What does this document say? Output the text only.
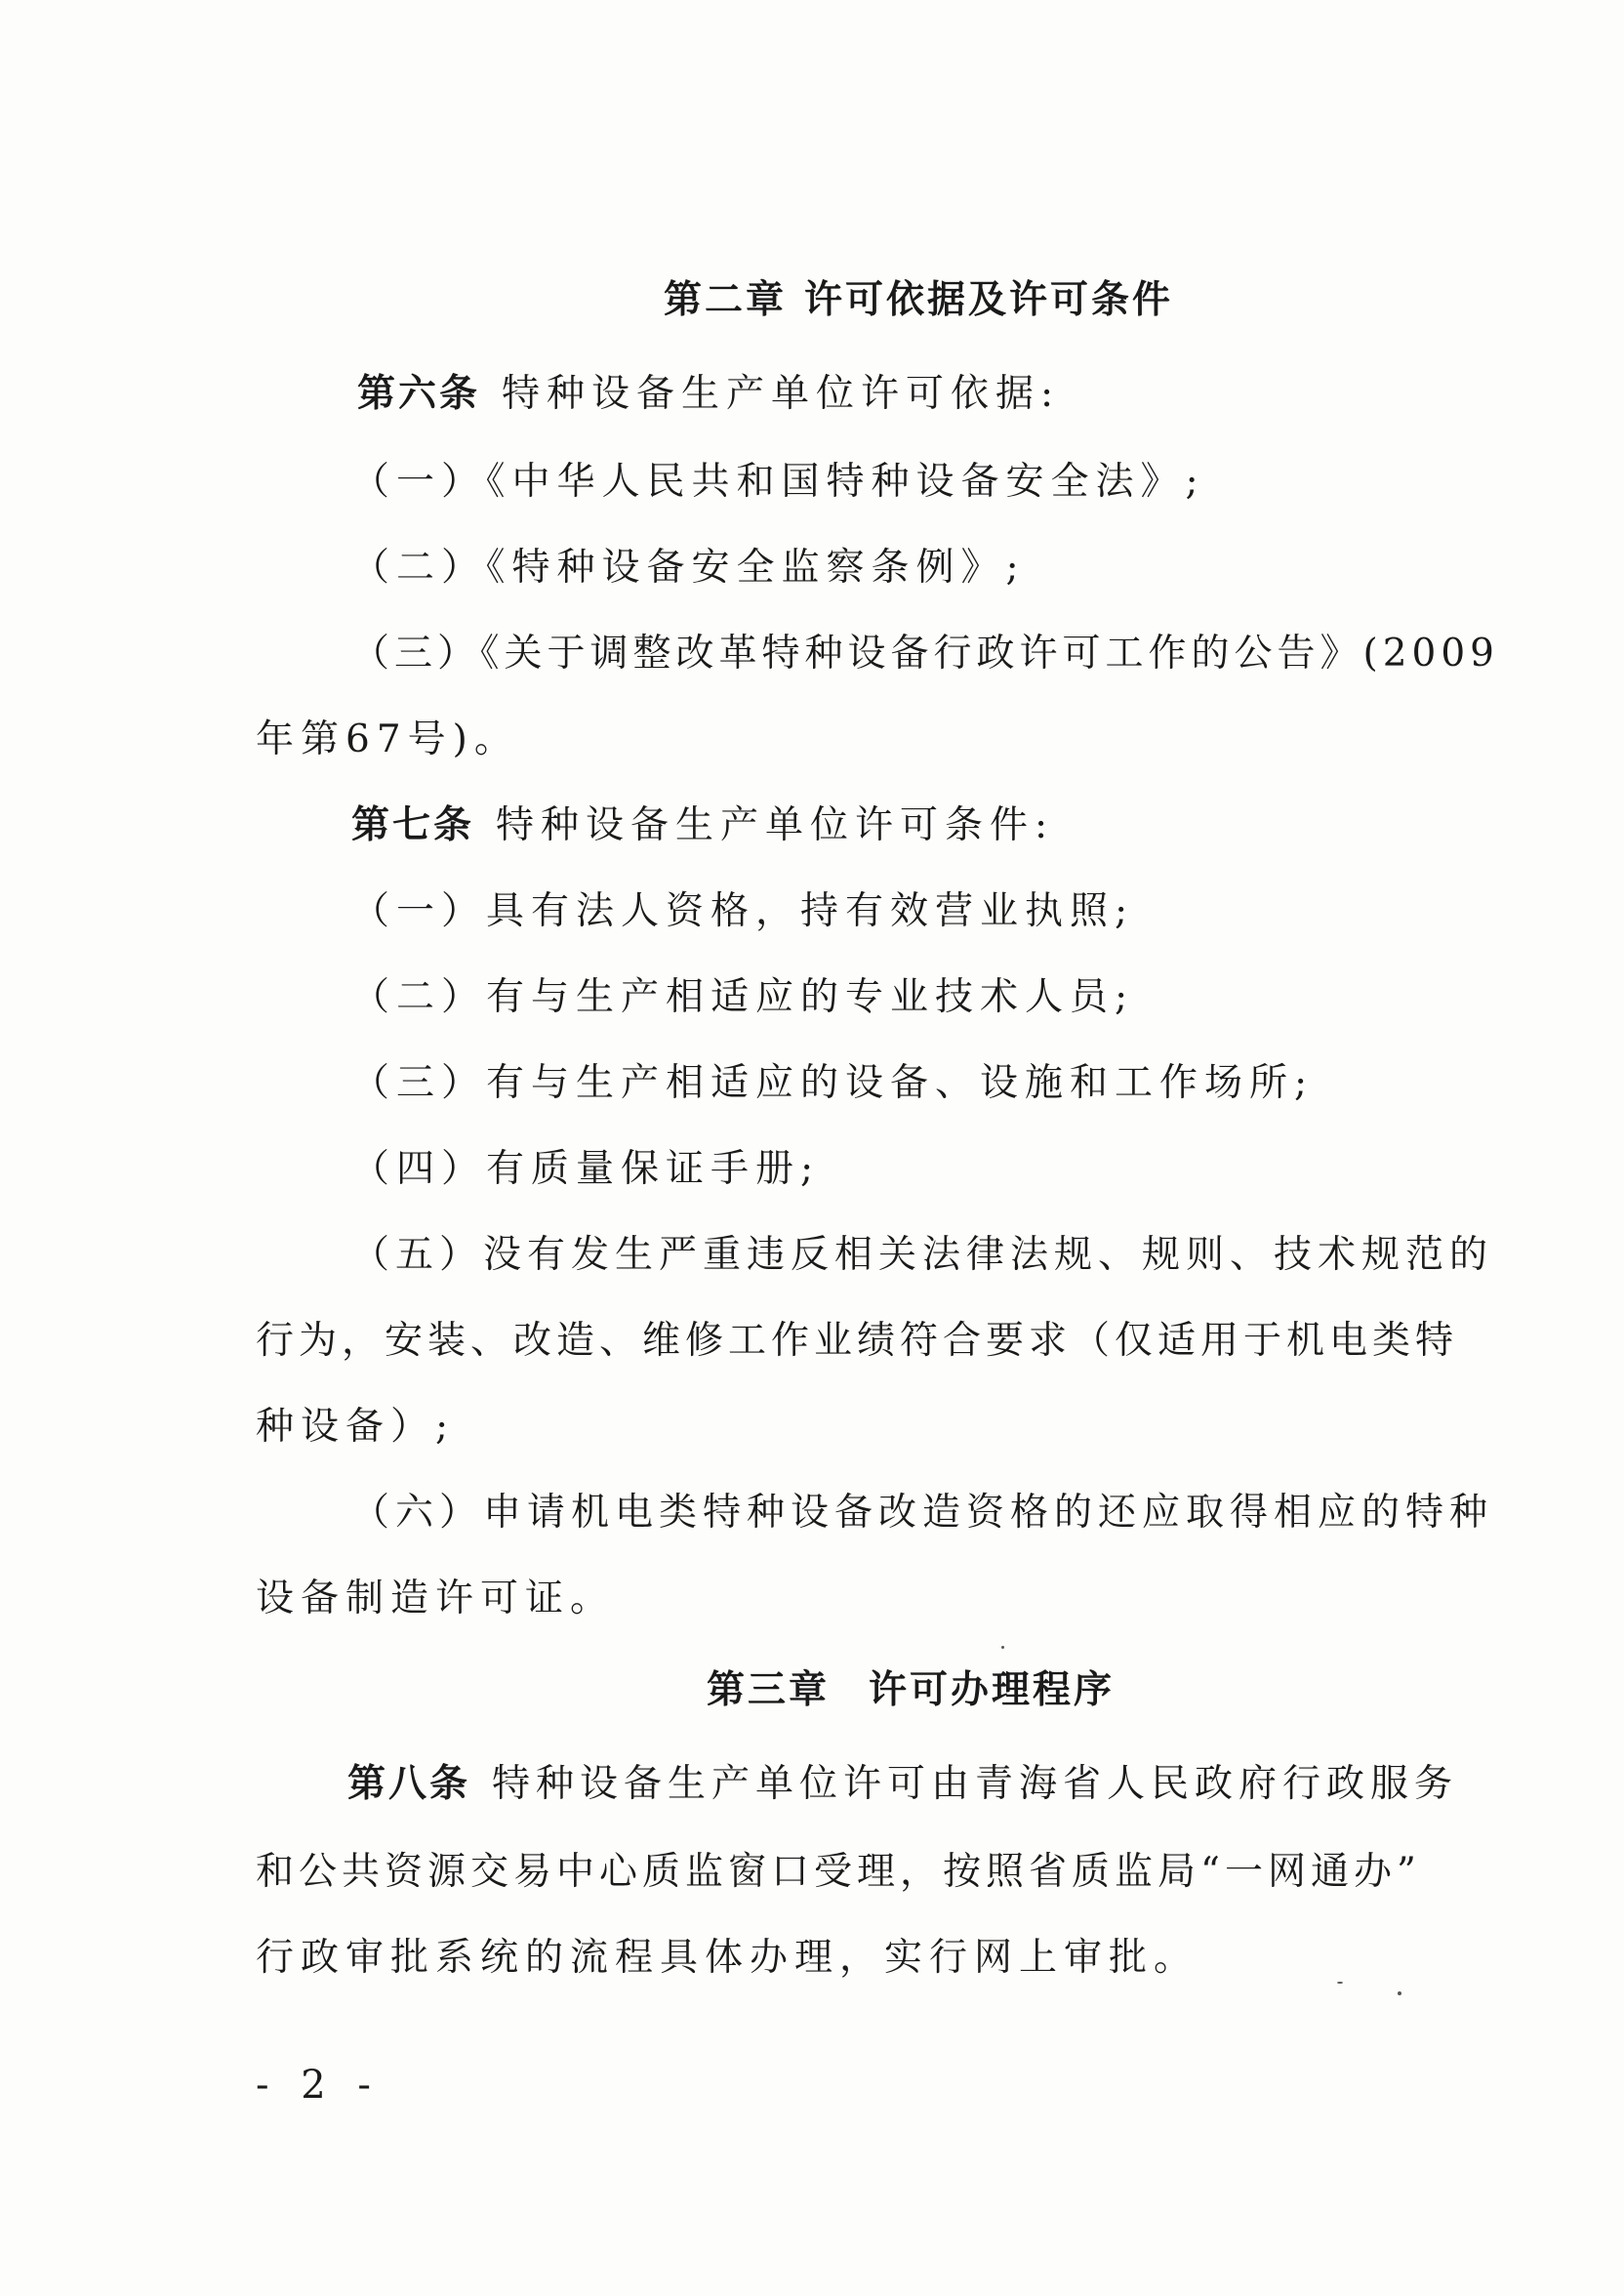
第二章 许可依据及许可条件
第六条 特种设备生产单位许可依据:
（一）《中华人民共和国特种设备安全法》;
（二）《特种设备安全监察条例》;
（三）《关于调整改革特种设备行政许可工作的公告》(2009
年第67号)。
第七条 特种设备生产单位许可条件:
（一）具有法人资格，持有效营业执照;
（二）有与生产相适应的专业技术人员;
（三）有与生产相适应的设备、设施和工作场所;
（四）有质量保证手册;
（五）没有发生严重违反相关法律法规、规则、技术规范的
行为，安装、改造、维修工作业绩符合要求（仅适用于机电类特
种设备）;
（六）申请机电类特种设备改造资格的还应取得相应的特种
设备制造许可证。
第三章 许可办理程序
第八条 特种设备生产单位许可由青海省人民政府行政服务
和公共资源交易中心质监窗口受理，按照省质监局“一网通办”
行政审批系统的流程具体办理，实行网上审批。
- 2 -
